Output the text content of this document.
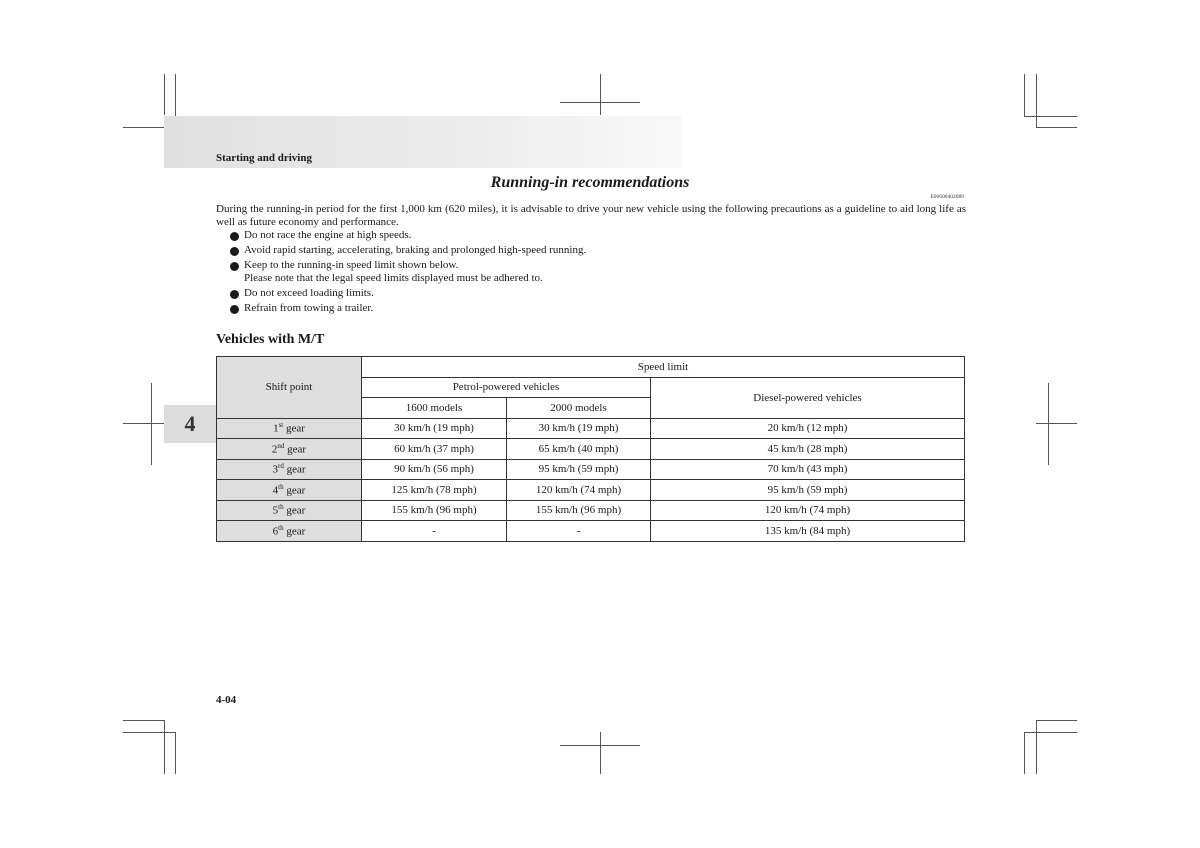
Starting and driving
4
Running-in recommendations
E00600402089
During the running-in period for the first 1,000 km (620 miles), it is advisable to drive your new vehicle using the following precautions as a guideline to aid long life as well as future economy and performance.
Do not race the engine at high speeds.
Avoid rapid starting, accelerating, braking and prolonged high-speed running.
Keep to the running-in speed limit shown below.
Please note that the legal speed limits displayed must be adhered to.
Do not exceed loading limits.
Refrain from towing a trailer.
Vehicles with M/T
Shift point	Speed limit		
	Petrol-powered vehicles		Diesel-powered vehicles
	1600 models	2000 models	
1st gear	30 km/h (19 mph)	30 km/h (19 mph)	20 km/h (12 mph)
2nd gear	60 km/h (37 mph)	65 km/h (40 mph)	45 km/h (28 mph)
3rd gear	90 km/h (56 mph)	95 km/h (59 mph)	70 km/h (43 mph)
4th gear	125 km/h (78 mph)	120 km/h (74 mph)	95 km/h (59 mph)
5th gear	155 km/h (96 mph)	155 km/h (96 mph)	120 km/h (74 mph)
6th gear	-	-	135 km/h (84 mph)
4-04
